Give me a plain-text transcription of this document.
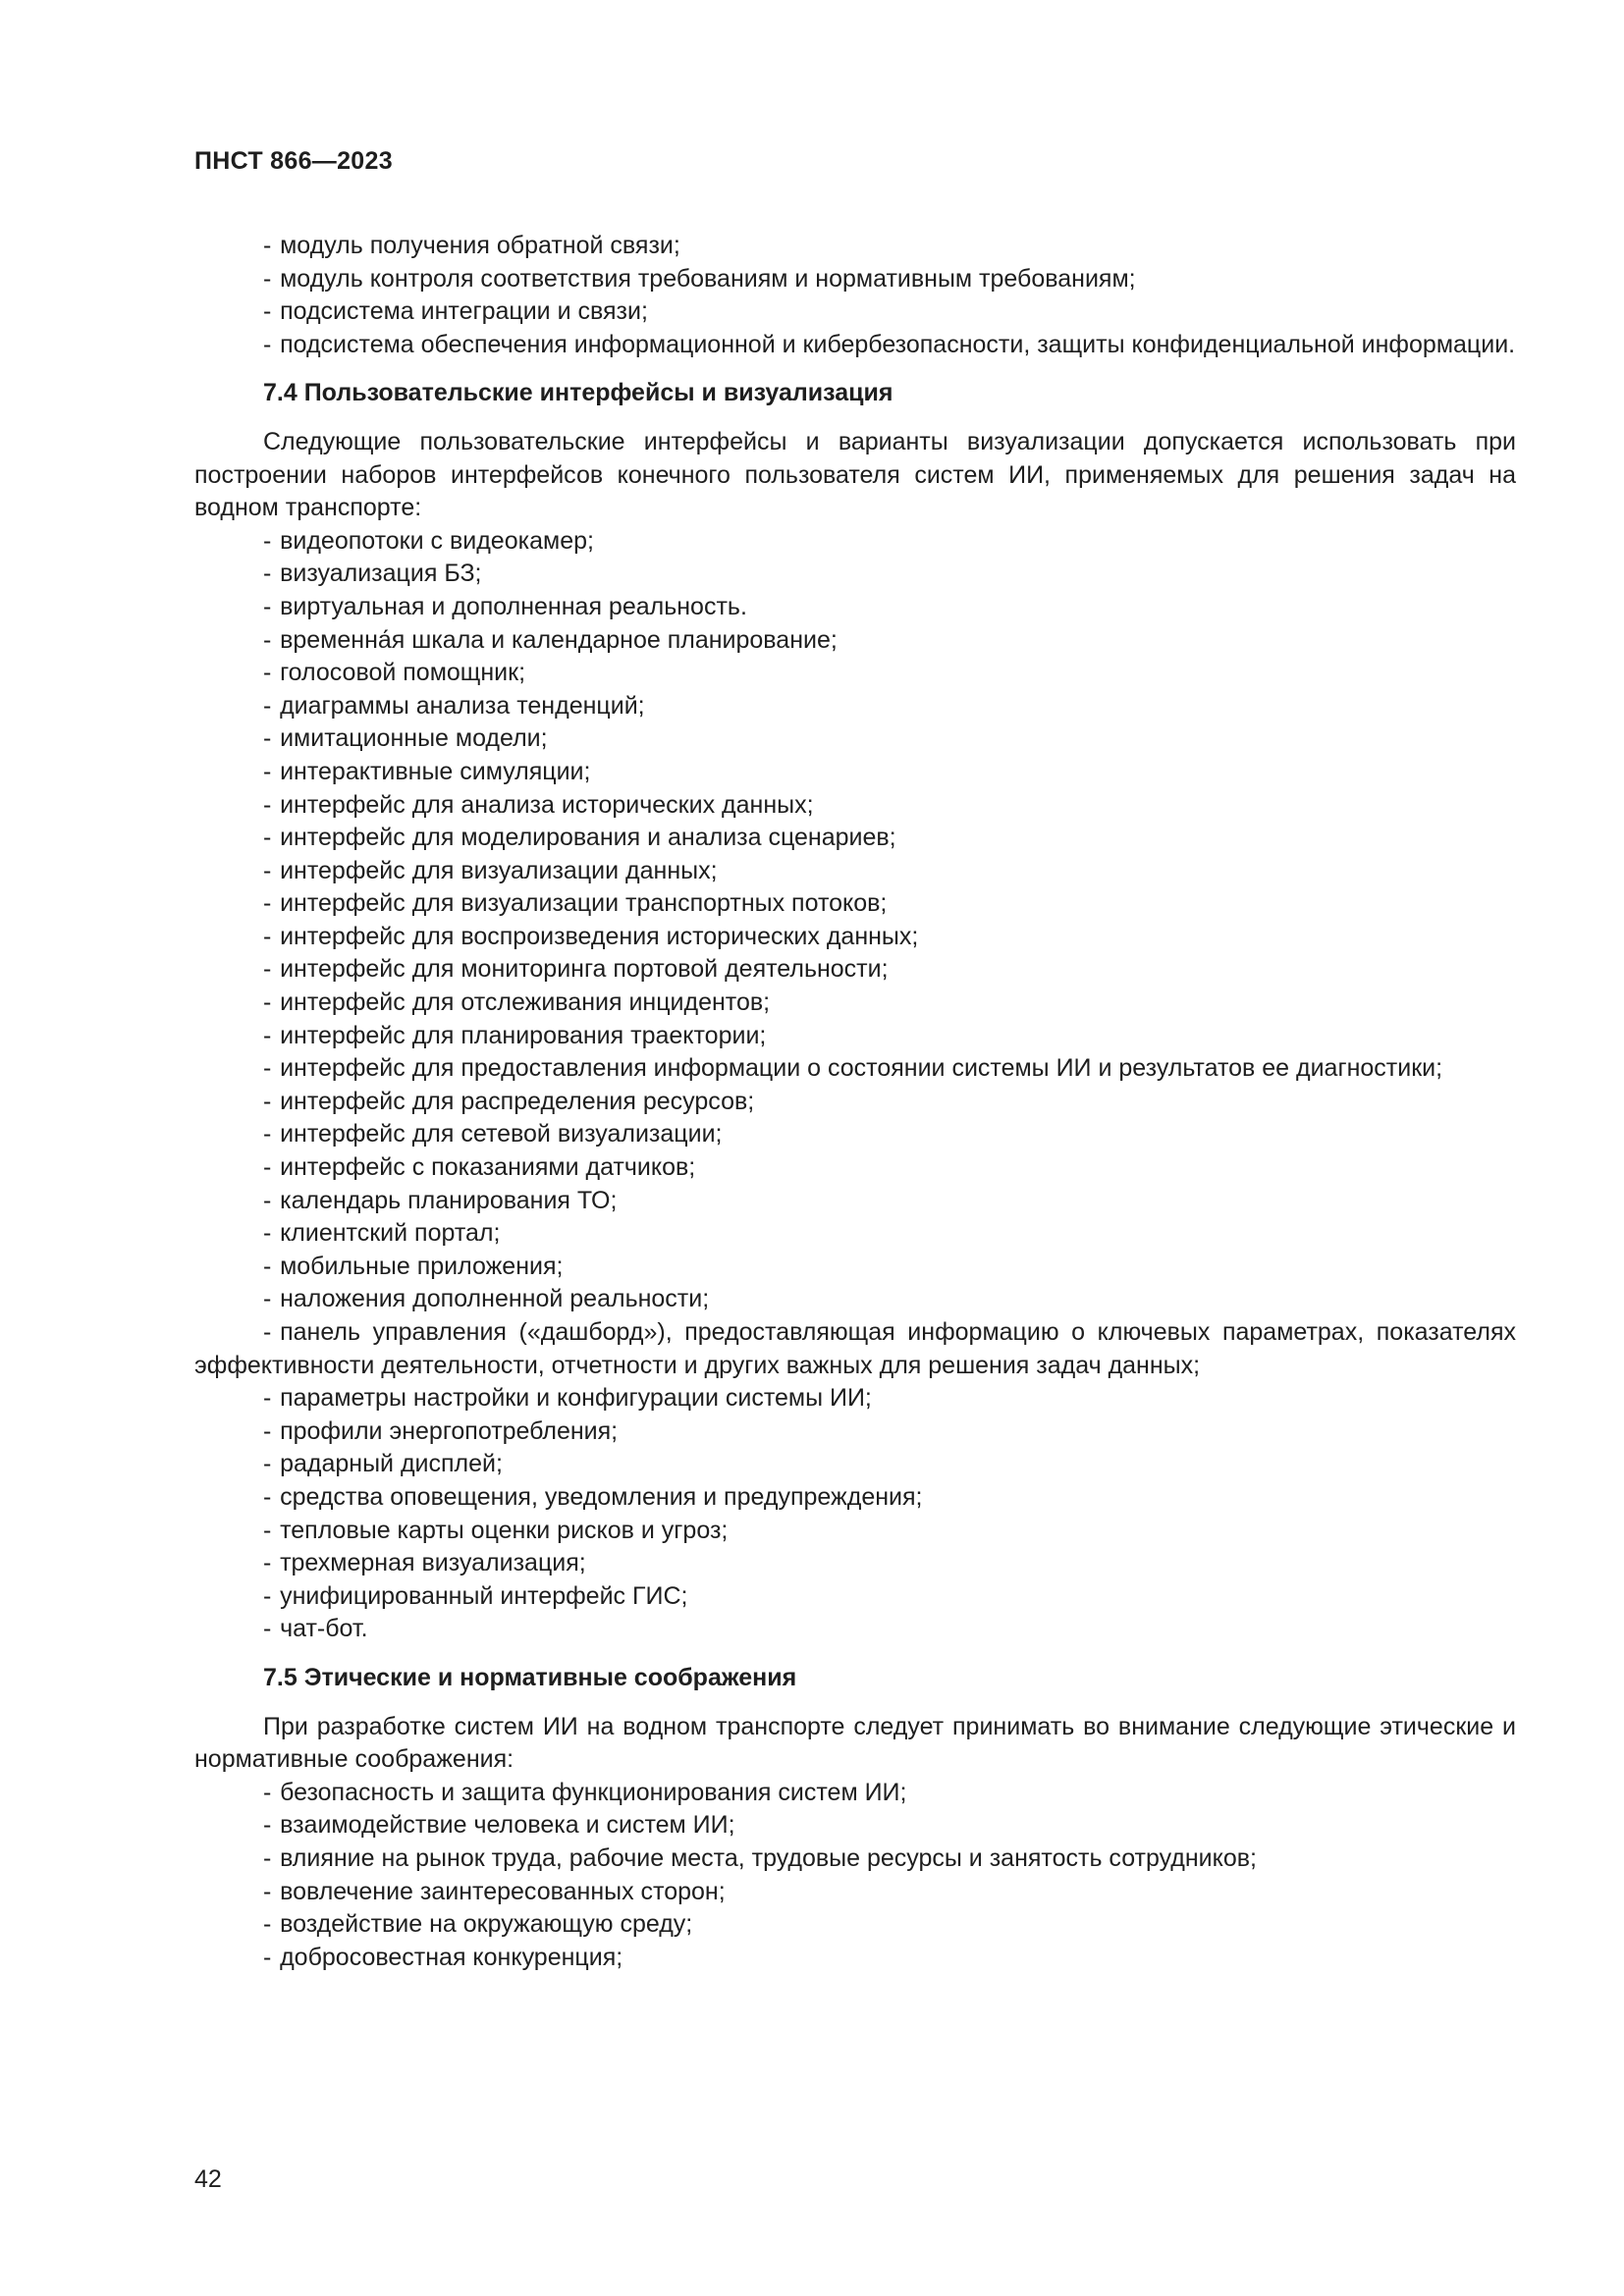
ПНСТ 866—2023

- модуль получения обратной связи;

- модуль контроля соответствия требованиям и нормативным требованиям;

- подсистема интеграции и связи;

- подсистема обеспечения информационной и кибербезопасности, защиты конфиденциальной информации.

7.4 Пользовательские интерфейсы и визуализация

Следующие пользовательские интерфейсы и варианты визуализации допускается использовать при построении наборов интерфейсов конечного пользователя систем ИИ, применяемых для решения задач на водном транспорте:

- видеопотоки с видеокамер;

- визуализация БЗ;

- виртуальная и дополненная реальность.

- временна́я шкала и календарное планирование;

- голосовой помощник;

- диаграммы анализа тенденций;

- имитационные модели;

- интерактивные симуляции;

- интерфейс для анализа исторических данных;

- интерфейс для моделирования и анализа сценариев;

- интерфейс для визуализации данных;

- интерфейс для визуализации транспортных потоков;

- интерфейс для воспроизведения исторических данных;

- интерфейс для мониторинга портовой деятельности;

- интерфейс для отслеживания инцидентов;

- интерфейс для планирования траектории;

- интерфейс для предоставления информации о состоянии системы ИИ и результатов ее диагностики;

- интерфейс для распределения ресурсов;

- интерфейс для сетевой визуализации;

- интерфейс с показаниями датчиков;

- календарь планирования ТО;

- клиентский портал;

- мобильные приложения;

- наложения дополненной реальности;

- панель управления («дашборд»), предоставляющая информацию о ключевых параметрах, показателях эффективности деятельности, отчетности и других важных для решения задач данных;

- параметры настройки и конфигурации системы ИИ;

- профили энергопотребления;

- радарный дисплей;

- средства оповещения, уведомления и предупреждения;

- тепловые карты оценки рисков и угроз;

- трехмерная визуализация;

- унифицированный интерфейс ГИС;

- чат-бот.

7.5 Этические и нормативные соображения

При разработке систем ИИ на водном транспорте следует принимать во внимание следующие этические и нормативные соображения:

- безопасность и защита функционирования систем ИИ;

- взаимодействие человека и систем ИИ;

- влияние на рынок труда, рабочие места, трудовые ресурсы и занятость сотрудников;

- вовлечение заинтересованных сторон;

- воздействие на окружающую среду;

- добросовестная конкуренция;

42
